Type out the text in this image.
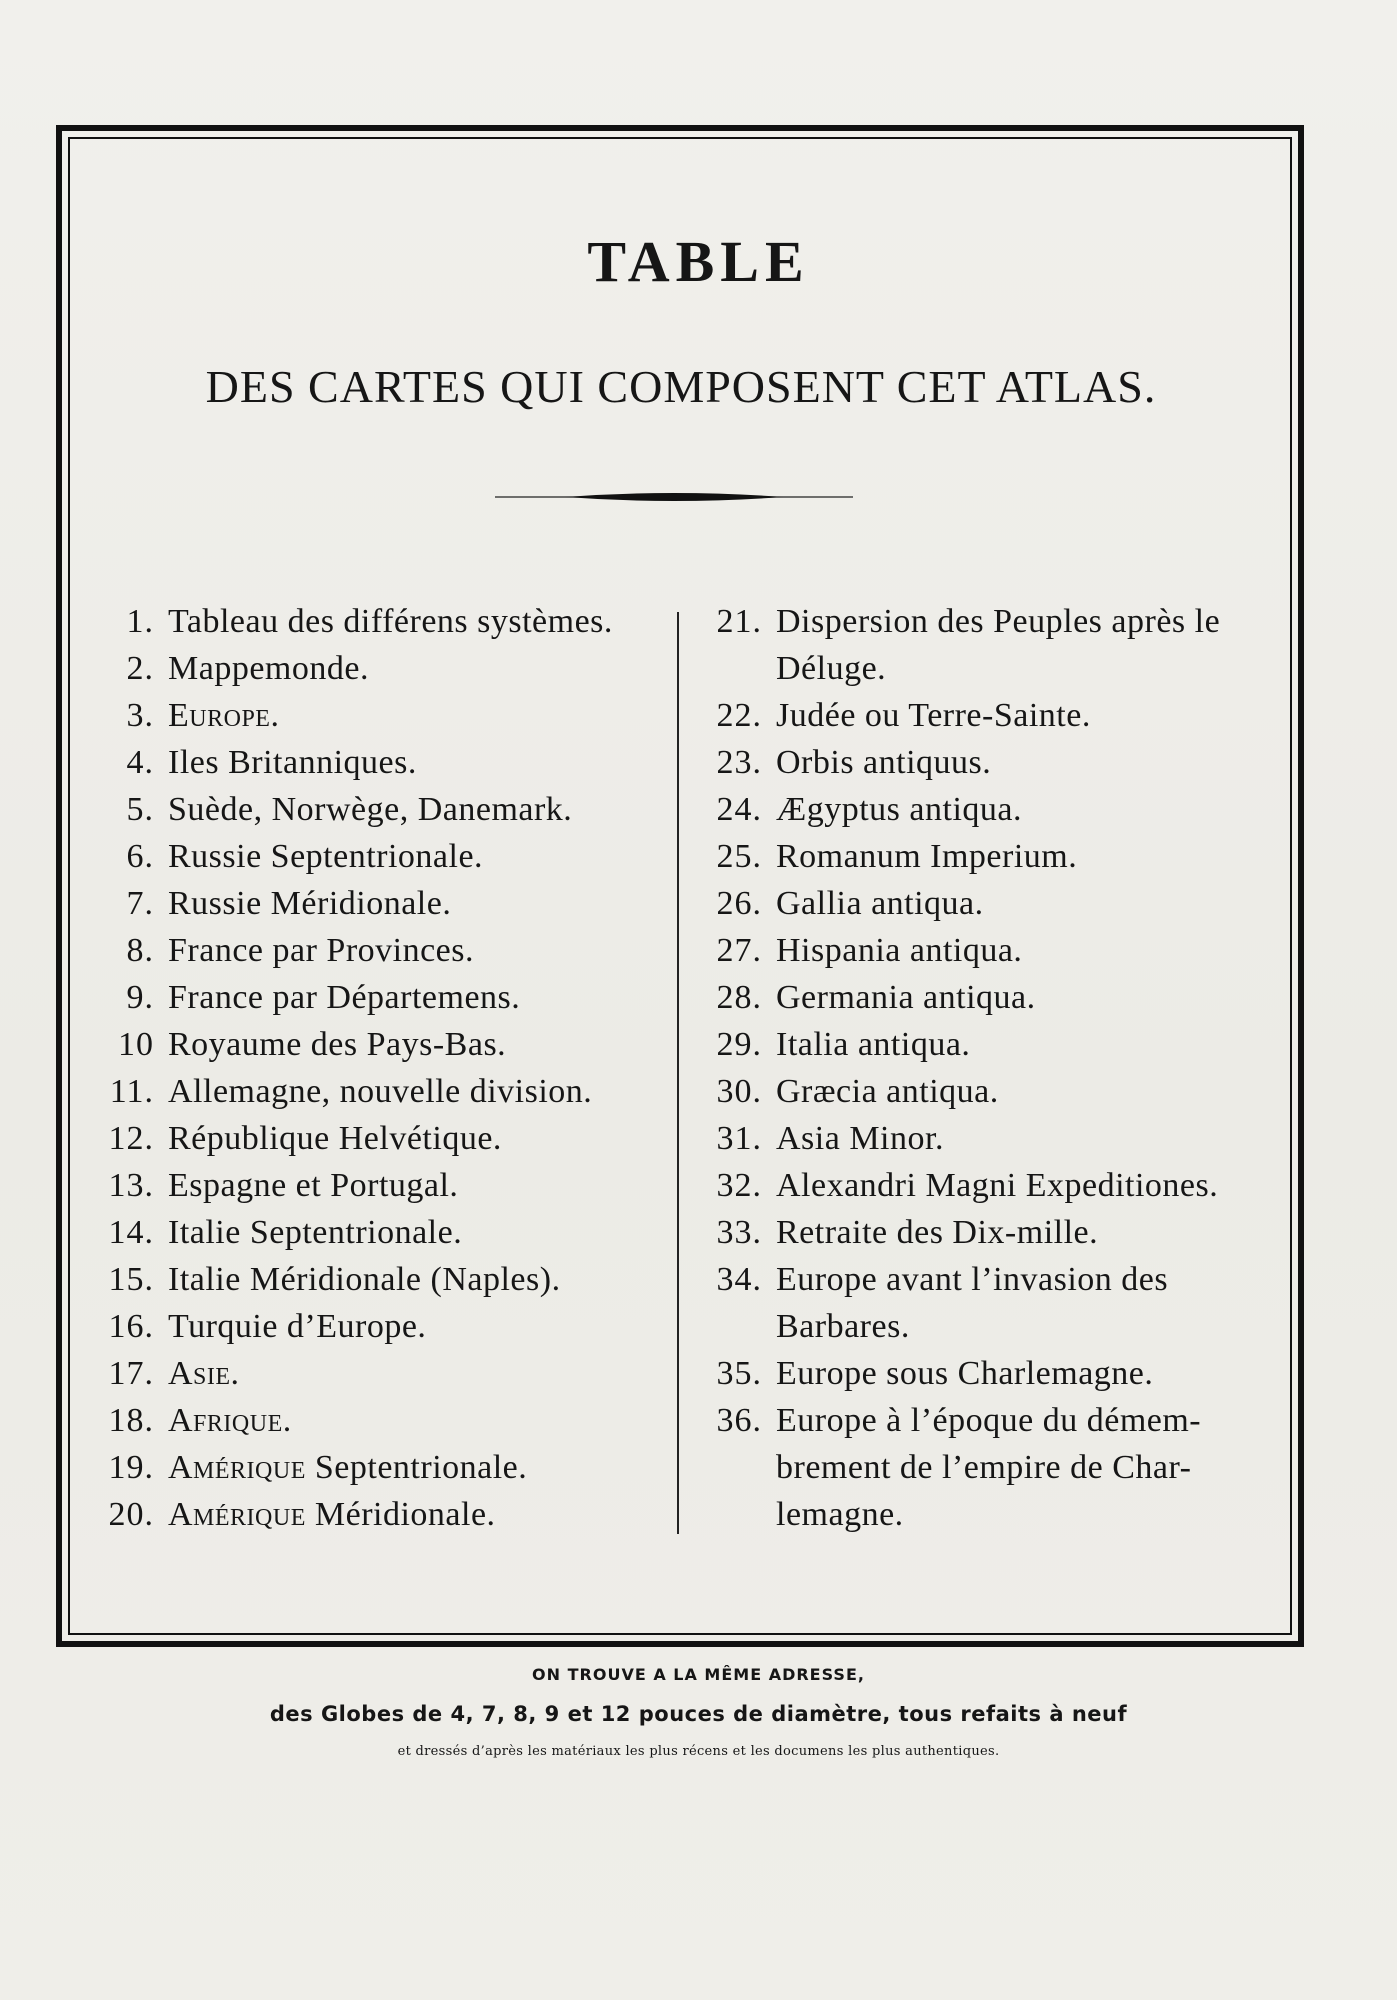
TABLE
DES CARTES QUI COMPOSENT CET ATLAS.
1. Tableau des différens systèmes.
2. Mappemonde.
3. Europe.
4. Iles Britanniques.
5. Suède, Norwège, Danemark.
6. Russie Septentrionale.
7. Russie Méridionale.
8. France par Provinces.
9. France par Départemens.
10 Royaume des Pays-Bas.
11. Allemagne, nouvelle division.
12. République Helvétique.
13. Espagne et Portugal.
14. Italie Septentrionale.
15. Italie Méridionale (Naples).
16. Turquie d’Europe.
17. Asie.
18. Afrique.
19. Amérique Septentrionale.
20. Amérique Méridionale.
21. Dispersion des Peuples après le
Déluge.
22. Judée ou Terre-Sainte.
23. Orbis antiquus.
24. Ægyptus antiqua.
25. Romanum Imperium.
26. Gallia antiqua.
27. Hispania antiqua.
28. Germania antiqua.
29. Italia antiqua.
30. Græcia antiqua.
31. Asia Minor.
32. Alexandri Magni Expeditiones.
33. Retraite des Dix-mille.
34. Europe avant l’invasion des
Barbares.
35. Europe sous Charlemagne.
36. Europe à l’époque du démem-
brement de l’empire de Char-
lemagne.
ON TROUVE A LA MÊME ADRESSE,
des Globes de 4, 7, 8, 9 et 12 pouces de diamètre, tous refaits à neuf
et dressés d’après les matériaux les plus récens et les documens les plus authentiques.
